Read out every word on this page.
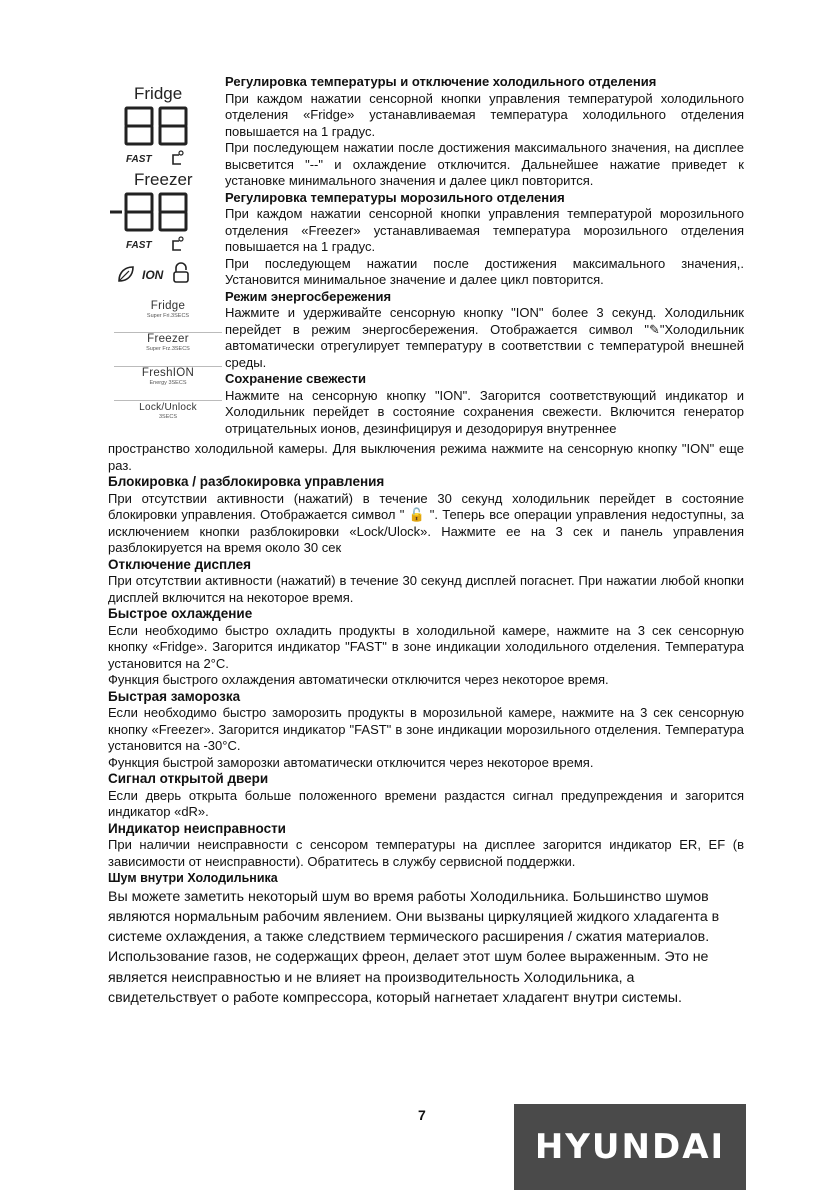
Fridge
FAST
Freezer
FAST
ION
Fridge
Super Fri.3SECS
Freezer
Super Frz.3SECS
FreshION
Energy 3SECS
Lock/Unlock
3SECS

Регулировка температуры и отключение холодильного отделения

При каждом нажатии сенсорной кнопки управления температурой холодильного отделения «Fridge» устанавливаемая температура холодильного отделения повышается на 1 градус.

При последующем нажатии после достижения максимального значения, на дисплее высветится "--" и охлаждение отключится. Дальнейшее нажатие приведет к установке минимального значения и далее цикл повторится.

Регулировка температуры морозильного отделения

При каждом нажатии сенсорной кнопки управления температурой морозильного отделения «Freezer» устанавливаемая температура морозильного отделения повышается на 1 градус.

При последующем нажатии после достижения максимального значения,. Установится минимальное значение и далее цикл повторится.

Режим энергосбережения

Нажмите и удерживайте сенсорную кнопку "ION" более 3 секунд. Холодильник перейдет в режим энергосбережения. Отображается символ "✎"Холодильник автоматически отрегулирует температуру в соответствии с температурой внешней среды.

Сохранение свежести

Нажмите на сенсорную кнопку "ION". Загорится соответствующий индикатор и Холодильник перейдет в состояние сохранения свежести. Включится генератор отрицательных ионов, дезинфицируя и дезодорируя внутреннее

пространство холодильной камеры. Для выключения режима нажмите на сенсорную кнопку "ION" еще раз.

Блокировка / разблокировка управления

При отсутствии активности (нажатий) в течение 30 секунд холодильник перейдет в состояние блокировки управления. Отображается символ " 🔓 ". Теперь все операции управления недоступны, за исключением кнопки разблокировки «Lock/Ulock». Нажмите ее на 3 сек и панель управления разблокируется на время около 30 сек

Отключение дисплея

При отсутствии активности (нажатий) в течение 30 секунд дисплей погаснет. При нажатии любой кнопки дисплей включится на некоторое время.

Быстрое охлаждение

Если необходимо быстро охладить продукты в холодильной камере, нажмите на 3 сек сенсорную кнопку «Fridge». Загорится индикатор "FAST" в зоне индикации холодильного отделения. Температура установится на 2°С.

Функция быстрого охлаждения автоматически отключится через некоторое время.

Быстрая заморозка

Если необходимо быстро заморозить продукты в морозильной камере, нажмите на 3 сек сенсорную кнопку «Freezer». Загорится индикатор "FAST" в зоне индикации морозильного отделения. Температура установится на -30°С.

Функция быстрой заморозки автоматически отключится через некоторое время.

Сигнал открытой двери

Если дверь открыта больше положенного времени раздастся сигнал предупреждения и загорится индикатор «dR».

Индикатор неисправности

При наличии неисправности с сенсором температуры на дисплее загорится индикатор ER, EF (в зависимости от неисправности). Обратитесь в службу сервисной поддержки.

Шум внутри Холодильника

Вы можете заметить некоторый шум во время работы Холодильника. Большинство шумов являются нормальным рабочим явлением. Они вызваны циркуляцией жидкого хладагента в системе охлаждения, а также следствием термического расширения / сжатия материалов. Использование газов, не содержащих фреон, делает этот шум более выраженным. Это не является неисправностью и не влияет на производительность Холодильника, а свидетельствует о работе компрессора, который нагнетает хладагент внутри системы.

7
HYUNDAI
